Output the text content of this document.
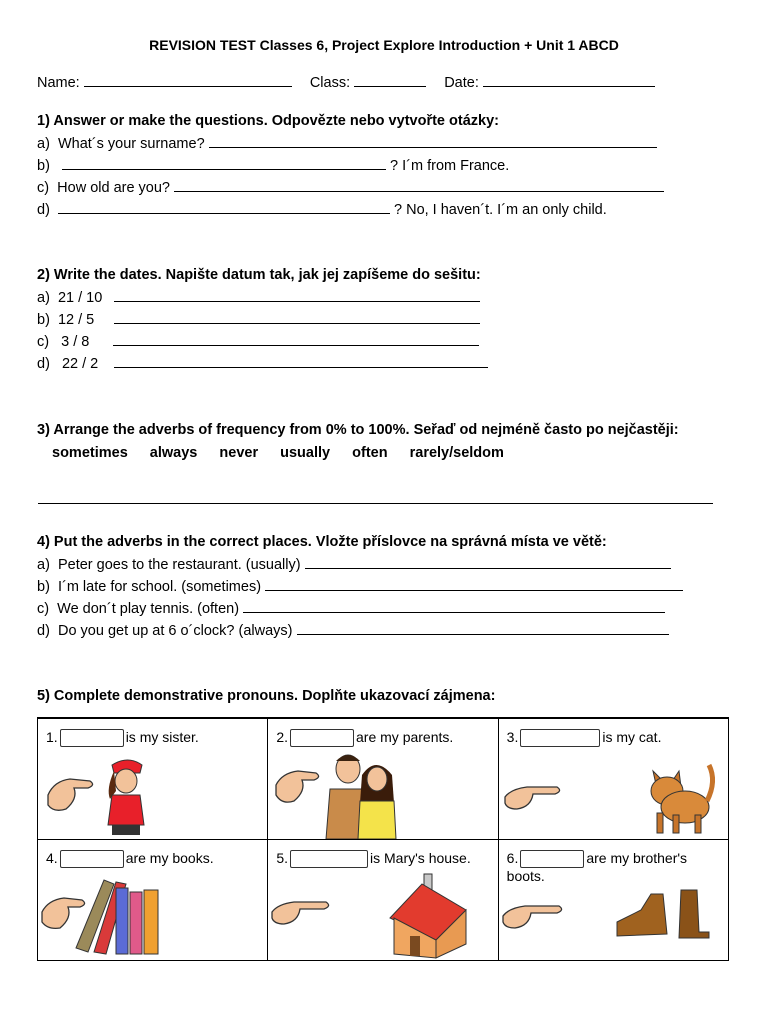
REVISION TEST Classes 6, Project Explore Introduction + Unit 1 ABCD
Name:	Class:	Date:
1) Answer or make the questions. Odpovězte nebo vytvořte otázky:
a) What´s your surname?
b)	? I´m from France.
c) How old are you?
d)	? No, I haven´t. I´m an only child.
2) Write the dates. Napište datum tak, jak jej zapíšeme do sešitu:
a) 21 / 10
b) 12 / 5
c) 3 / 8
d) 22 / 2
3) Arrange the adverbs of frequency from 0% to 100%. Seřaď od nejméně často po nejčastěji:
sometimes always never usually often rarely/seldom
4) Put the adverbs in the correct places. Vložte příslovce na správná místa ve větě:
a) Peter goes to the restaurant. (usually)
b) I´m late for school. (sometimes)
c) We don´t play tennis. (often)
d) Do you get up at 6 o´clock? (always)
5) Complete demonstrative pronouns. Doplňte ukazovací zájmena:
1. is my sister.	2. are my parents.	3. is my cat.

4. are my books.	5. is Mary's house.	6. are my brother's
boots.
